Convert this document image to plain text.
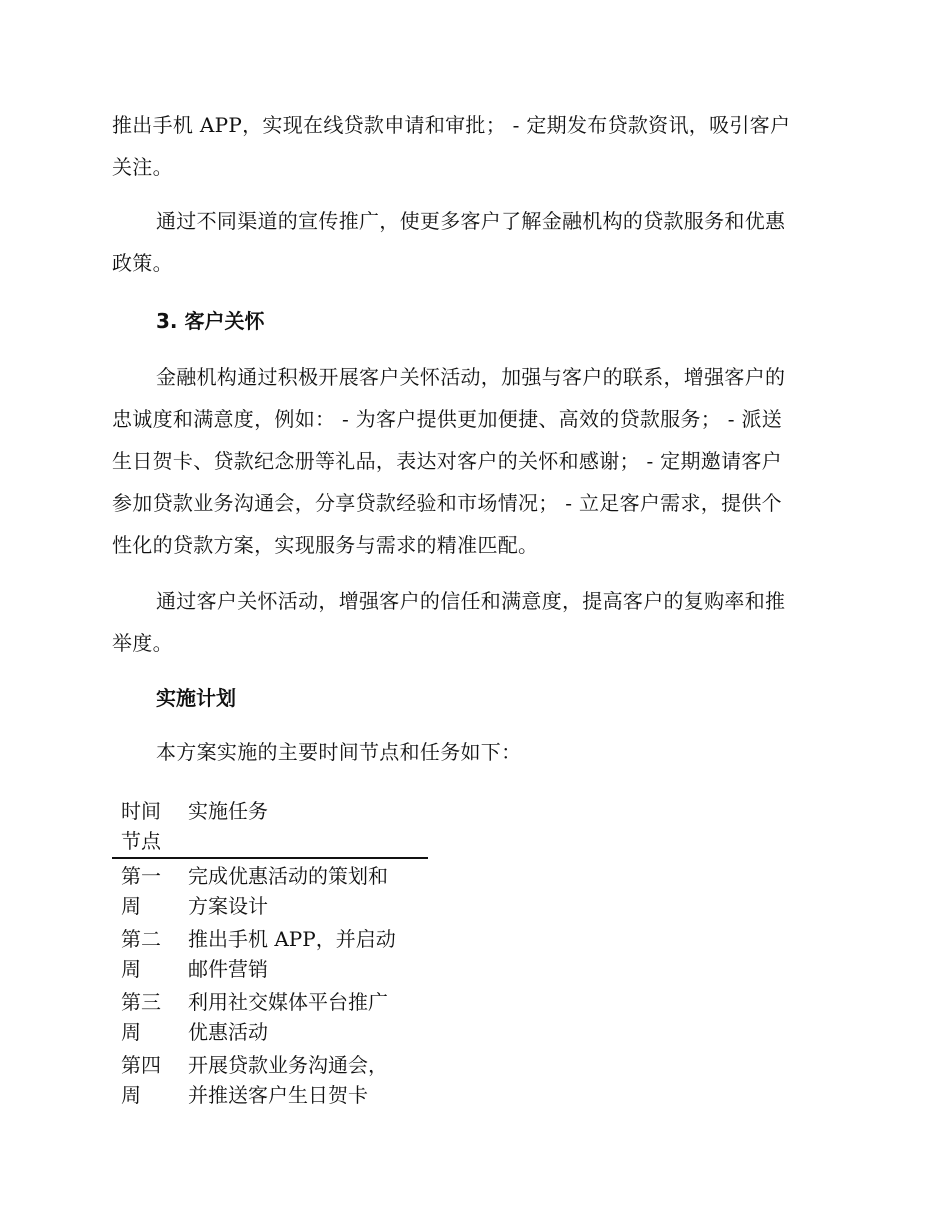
推出手机 APP，实现在线贷款申请和审批； - 定期发布贷款资讯，吸引客户
关注。

通过不同渠道的宣传推广，使更多客户了解金融机构的贷款服务和优惠
政策。

3. 客户关怀

金融机构通过积极开展客户关怀活动，加强与客户的联系，增强客户的
忠诚度和满意度，例如： - 为客户提供更加便捷、高效的贷款服务； - 派送
生日贺卡、贷款纪念册等礼品，表达对客户的关怀和感谢； - 定期邀请客户
参加贷款业务沟通会，分享贷款经验和市场情况； - 立足客户需求，提供个
性化的贷款方案，实现服务与需求的精准匹配。

通过客户关怀活动，增强客户的信任和满意度，提高客户的复购率和推
举度。

实施计划

本方案实施的主要时间节点和任务如下：

时间
节点	实施任务

第一
周	完成优惠活动的策划和
方案设计

第二
周	推出手机 APP，并启动
邮件营销

第三
周	利用社交媒体平台推广
优惠活动

第四
周	开展贷款业务沟通会，
并推送客户生日贺卡
